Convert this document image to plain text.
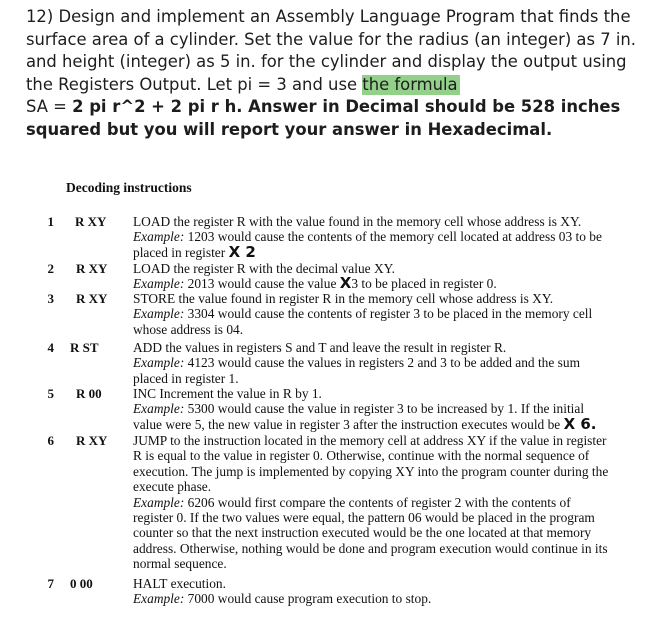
12) Design and implement an Assembly Language Program that finds the surface area of a cylinder. Set the value for the radius (an integer) as 7 in. and height (integer) as 5 in. for the cylinder and display the output using the Registers Output. Let pi = 3 and use the formula
SA = 2 pi r^2 + 2 pi r h. Answer in Decimal should be 528 inches squared but you will report your answer in Hexadecimal.
Decoding instructions
1 R XY LOAD the register R with the value found in the memory cell whose address is XY.
Example: 1203 would cause the contents of the memory cell located at address 03 to be placed in register X 2
2 R XY LOAD the register R with the decimal value XY.
Example: 2013 would cause the value X3 to be placed in register 0.
3 R XY STORE the value found in register R in the memory cell whose address is XY.
Example: 3304 would cause the contents of register 3 to be placed in the memory cell whose address is 04.
4 R ST	ADD the values in registers S and T and leave the result in register R.
Example: 4123 would cause the values in registers 2 and 3 to be added and the sum placed in register 1.
5 R 00 INC Increment the value in R by 1.
Example: 5300 would cause the value in register 3 to be increased by 1. If the initial value were 5, the new value in register 3 after the instruction executes would be X 6.
6 R XY JUMP to the instruction located in the memory cell at address XY if the value in register R is equal to the value in register 0. Otherwise, continue with the normal sequence of execution. The jump is implemented by copying XY into the program counter during the execute phase.
Example: 6206 would first compare the contents of register 2 with the contents of register 0. If the two values were equal, the pattern 06 would be placed in the program counter so that the next instruction executed would be the one located at that memory address. Otherwise, nothing would be done and program execution would continue in its normal sequence.
7 0 00	HALT execution.
Example: 7000 would cause program execution to stop.
